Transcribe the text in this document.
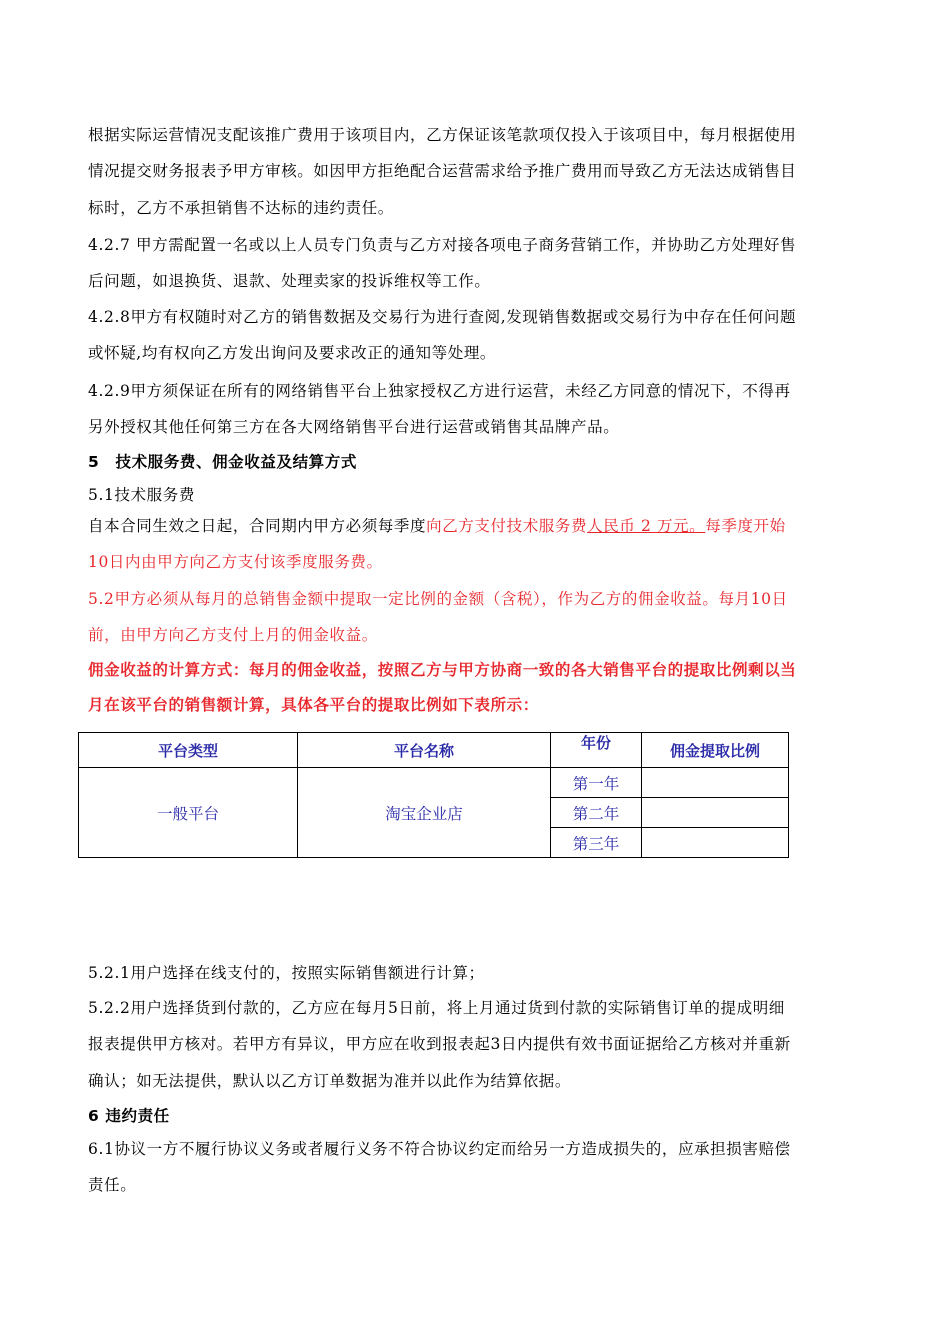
根据实际运营情况支配该推广费用于该项目内，乙方保证该笔款项仅投入于该项目中，每月根据使用
情况提交财务报表予甲方审核。如因甲方拒绝配合运营需求给予推广费用而导致乙方无法达成销售目
标时，乙方不承担销售不达标的违约责任。
4.2.7 甲方需配置一名或以上人员专门负责与乙方对接各项电子商务营销工作，并协助乙方处理好售
后问题，如退换货、退款、处理卖家的投诉维权等工作。
4.2.8甲方有权随时对乙方的销售数据及交易行为进行查阅,发现销售数据或交易行为中存在任何问题
或怀疑,均有权向乙方发出询问及要求改正的通知等处理。
4.2.9甲方须保证在所有的网络销售平台上独家授权乙方进行运营，未经乙方同意的情况下，不得再
另外授权其他任何第三方在各大网络销售平台进行运营或销售其品牌产品。
5　技术服务费、佣金收益及结算方式
5.1技术服务费
自本合同生效之日起，合同期内甲方必须每季度向乙方支付技术服务费人民币 2 万元。每季度开始
10日内由甲方向乙方支付该季度服务费。
5.2甲方必须从每月的总销售金额中提取一定比例的金额（含税），作为乙方的佣金收益。每月10日
前，由甲方向乙方支付上月的佣金收益。
佣金收益的计算方式：每月的佣金收益，按照乙方与甲方协商一致的各大销售平台的提取比例剩以当
月在该平台的销售额计算，具体各平台的提取比例如下表所示：
平台类型	平台名称	年份	佣金提取比例
一般平台	淘宝企业店	第一年	
		第二年	
		第三年	
5.2.1用户选择在线支付的，按照实际销售额进行计算；
5.2.2用户选择货到付款的，乙方应在每月5日前，将上月通过货到付款的实际销售订单的提成明细
报表提供甲方核对。若甲方有异议，甲方应在收到报表起3日内提供有效书面证据给乙方核对并重新
确认；如无法提供，默认以乙方订单数据为准并以此作为结算依据。
6 违约责任
6.1协议一方不履行协议义务或者履行义务不符合协议约定而给另一方造成损失的，应承担损害赔偿
责任。
